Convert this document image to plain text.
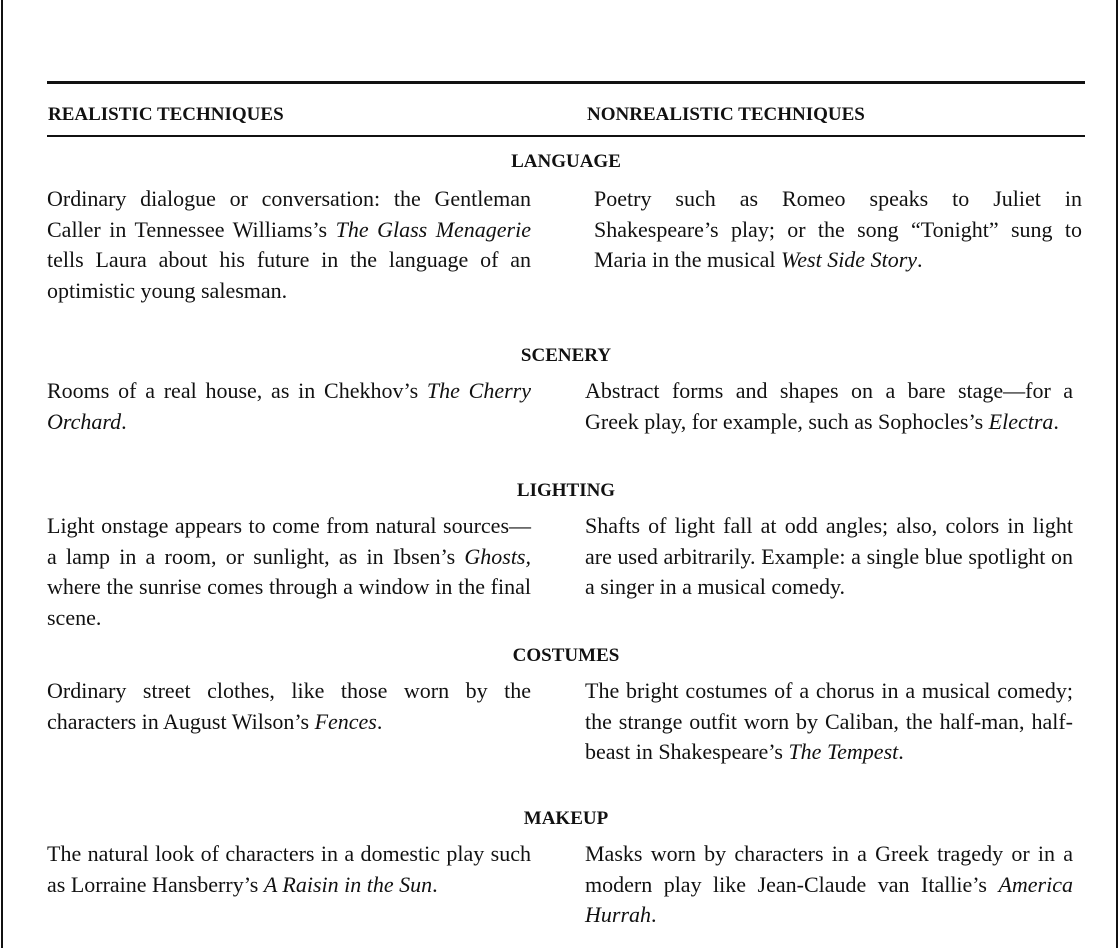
REALISTIC TECHNIQUES	NONREALISTIC TECHNIQUES
LANGUAGE
Ordinary dialogue or conversation: the Gentleman Caller in Tennessee Williams’s The Glass Menagerie tells Laura about his future in the language of an optimistic young salesman.
Poetry such as Romeo speaks to Juliet in Shakespeare’s play; or the song “Tonight” sung to Maria in the musical West Side Story.
SCENERY
Rooms of a real house, as in Chekhov’s The Cherry Orchard.
Abstract forms and shapes on a bare stage—for a Greek play, for example, such as Sophocles’s Electra.
LIGHTING
Light onstage appears to come from natural sources—a lamp in a room, or sunlight, as in Ibsen’s Ghosts, where the sunrise comes through a window in the final scene.
Shafts of light fall at odd angles; also, colors in light are used arbitrarily. Example: a single blue spotlight on a singer in a musical comedy.
COSTUMES
Ordinary street clothes, like those worn by the characters in August Wilson’s Fences.
The bright costumes of a chorus in a musical comedy; the strange outfit worn by Caliban, the half-man, half-beast in Shakespeare’s The Tempest.
MAKEUP
The natural look of characters in a domestic play such as Lorraine Hansberry’s A Raisin in the Sun.
Masks worn by characters in a Greek tragedy or in a modern play like Jean-Claude van Itallie’s America Hurrah.
